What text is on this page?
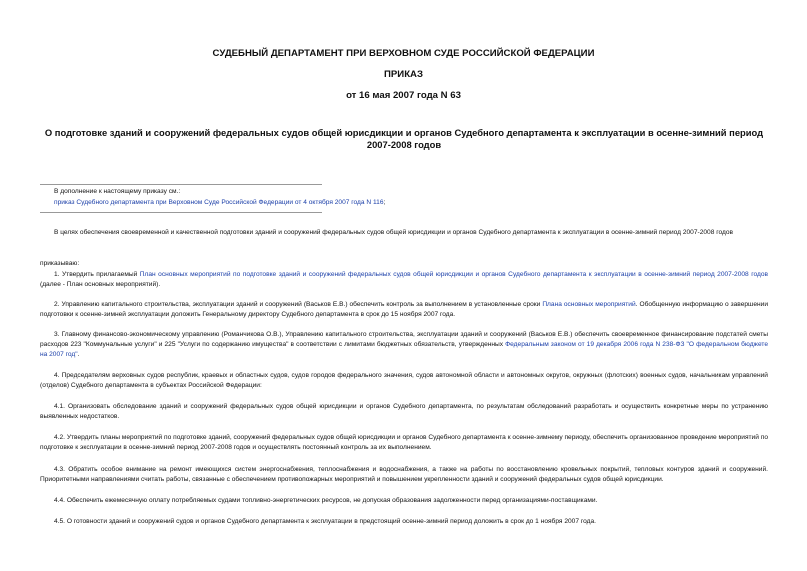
СУДЕБНЫЙ ДЕПАРТАМЕНТ ПРИ ВЕРХОВНОМ СУДЕ РОССИЙСКОЙ ФЕДЕРАЦИИ
ПРИКАЗ
от 16 мая 2007 года N 63
О подготовке зданий и сооружений федеральных судов общей юрисдикции и органов Судебного департамента к эксплуатации в осенне-зимний период 2007-2008 годов
В дополнение к настоящему приказу см.:
приказ Судебного департамента при Верховном Суде Российской Федерации от 4 октября 2007 года N 116;
В целях обеспечения своевременной и качественной подготовки зданий и сооружений федеральных судов общей юрисдикции и органов Судебного департамента к эксплуатации в осенне-зимний период 2007-2008 годов
приказываю:
1. Утвердить прилагаемый План основных мероприятий по подготовке зданий и сооружений федеральных судов общей юрисдикции и органов Судебного департамента к эксплуатации в осенне-зимний период 2007-2008 годов (далее - План основных мероприятий).
2. Управлению капитального строительства, эксплуатации зданий и сооружений (Васьков Е.В.) обеспечить контроль за выполнением в установленные сроки Плана основных мероприятий. Обобщенную информацию о завершении подготовки к осенне-зимней эксплуатации доложить Генеральному директору Судебного департамента в срок до 15 ноября 2007 года.
3. Главному финансово-экономическому управлению (Романчикова О.В.), Управлению капитального строительства, эксплуатации зданий и сооружений (Васьков Е.В.) обеспечить своевременное финансирование подстатей сметы расходов 223 "Коммунальные услуги" и 225 "Услуги по содержанию имущества" в соответствии с лимитами бюджетных обязательств, утвержденных Федеральным законом от 19 декабря 2006 года N 238-ФЗ "О федеральном бюджете на 2007 год".
4. Председателям верховных судов республик, краевых и областных судов, судов городов федерального значения, судов автономной области и автономных округов, окружных (флотских) военных судов, начальникам управлений (отделов) Судебного департамента в субъектах Российской Федерации:
4.1. Организовать обследование зданий и сооружений федеральных судов общей юрисдикции и органов Судебного департамента, по результатам обследований разработать и осуществить конкретные меры по устранению выявленных недостатков.
4.2. Утвердить планы мероприятий по подготовке зданий, сооружений федеральных судов общей юрисдикции и органов Судебного департамента к осенне-зимнему периоду, обеспечить организованное проведение мероприятий по подготовке к эксплуатации в осенне-зимний период 2007-2008 годов и осуществлять постоянный контроль за их выполнением.
4.3. Обратить особое внимание на ремонт имеющихся систем энергоснабжения, теплоснабжения и водоснабжения, а также на работы по восстановлению кровельных покрытий, тепловых контуров зданий и сооружений. Приоритетными направлениями считать работы, связанные с обеспечением противопожарных мероприятий и повышением укрепленности зданий и сооружений федеральных судов общей юрисдикции.
4.4. Обеспечить ежемесячную оплату потребляемых судами топливно-энергетических ресурсов, не допуская образования задолженности перед организациями-поставщиками.
4.5. О готовности зданий и сооружений судов и органов Судебного департамента к эксплуатации в предстоящий осенне-зимний период доложить в срок до 1 ноября 2007 года.
